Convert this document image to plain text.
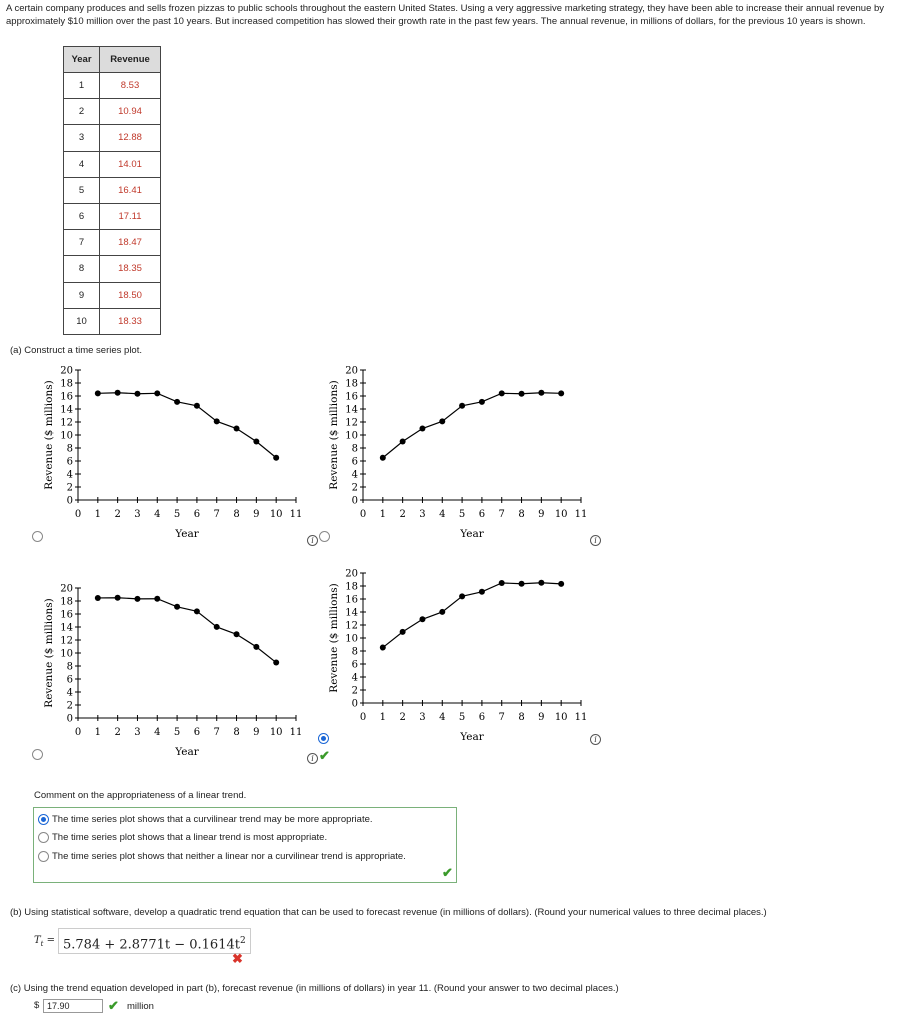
A certain company produces and sells frozen pizzas to public schools throughout the eastern United States. Using a very aggressive marketing strategy, they have been able to increase their annual revenue by approximately $10 million over the past 10 years. But increased competition has slowed their growth rate in the past few years. The annual revenue, in millions of dollars, for the previous 10 years is shown.
Year	Revenue
1	8.53
2	10.94
3	12.88
4	14.01
5	16.41
6	17.11
7	18.47
8	18.35
9	18.50
10	18.33
(a) Construct a time series plot.
0
2
4
6
8
10
12
14
16
18
20
0 1 2 3 4 5 6 7 8 9 10 11
Year
Revenue ($ millions)
0
2
4
6
8
10
12
14
16
18
20
0 1 2 3 4 5 6 7 8 9 10 11
Year
Revenue ($ millions)
0
2
4
6
8
10
12
14
16
18
20
0 1 2 3 4 5 6 7 8 9 10 11
Year
Revenue ($ millions)	0
2
4
6
8
10
12
14
16
18
20
0 1 2 3 4 5 6 7 8 9 10 11
Year
Revenue ($ millions)
i	i
i ✔
i
Comment on the appropriateness of a linear trend.
The time series plot shows that a curvilinear trend may be more appropriate.
The time series plot shows that a linear trend is most appropriate.
The time series plot shows that neither a linear nor a curvilinear trend is appropriate.
✔
(b) Using statistical software, develop a quadratic trend equation that can be used to forecast revenue (in millions of dollars). (Round your numerical values to three decimal places.)
$T_t = 5.784 + 2.8771t - 0.1614t^2$
✖
(c) Using the trend equation developed in part (b), forecast revenue (in millions of dollars) in year 11. (Round your answer to two decimal places.)
$ 17.90	✔ million
